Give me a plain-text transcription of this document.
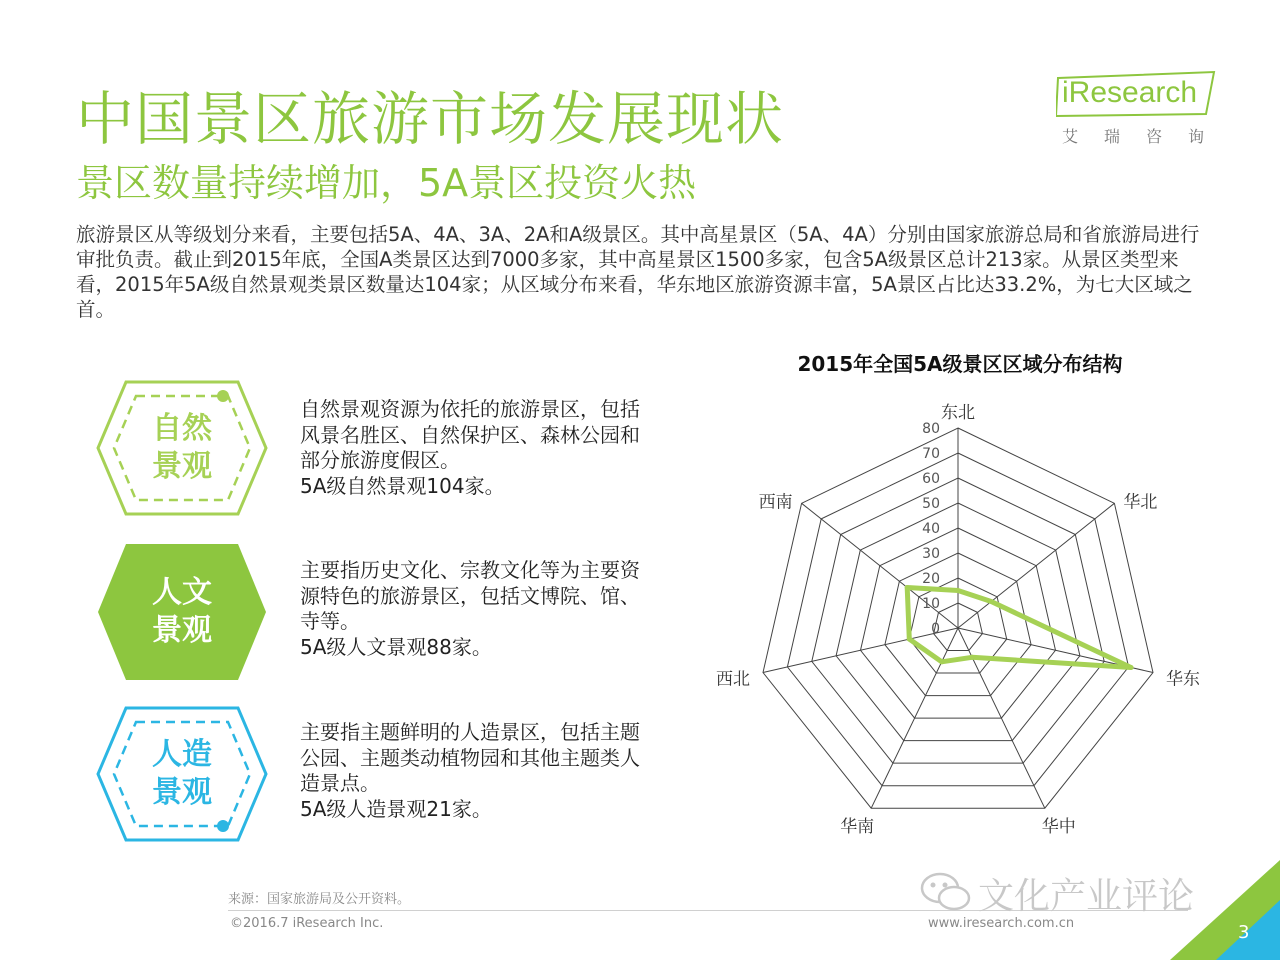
中国景区旅游市场发展现状
景区数量持续增加，5A景区投资火热
iResearch
艾瑞咨询

旅游景区从等级划分来看，主要包括5A、4A、3A、2A和A级景区。其中高星景区（5A、4A）分别由国家旅游总局和省旅游局进行审批负责。截止到2015年底，全国A类景区达到7000多家，其中高星景区1500多家，包含5A级景区总计213家。从景区类型来看，2015年5A级自然景观类景区数量达104家；从区域分布来看，华东地区旅游资源丰富，5A景区占比达33.2%，为七大区域之首。

自然
景观

自然景观资源为依托的旅游景区，包括风景名胜区、自然保护区、森林公园和部分旅游度假区。

5A级自然景观104家。
人文
景观

主要指历史文化、宗教文化等为主要资源特色的旅游景区，包括文博院、馆、寺等。

5A级人文景观88家。
人造
景观

主要指主题鲜明的人造景区，包括主题公园、主题类动植物园和其他主题类人造景点。

5A级人造景观21家。
2015年全国5A级景区区域分布结构
0
10
20
30
40
50
60
70
80
东北
华北
华东
华中
华南
西北
西南
来源：国家旅游局及公开资料。
©2016.7 iResearch Inc.	www.iresearch.com.cn
文化产业评论
3
